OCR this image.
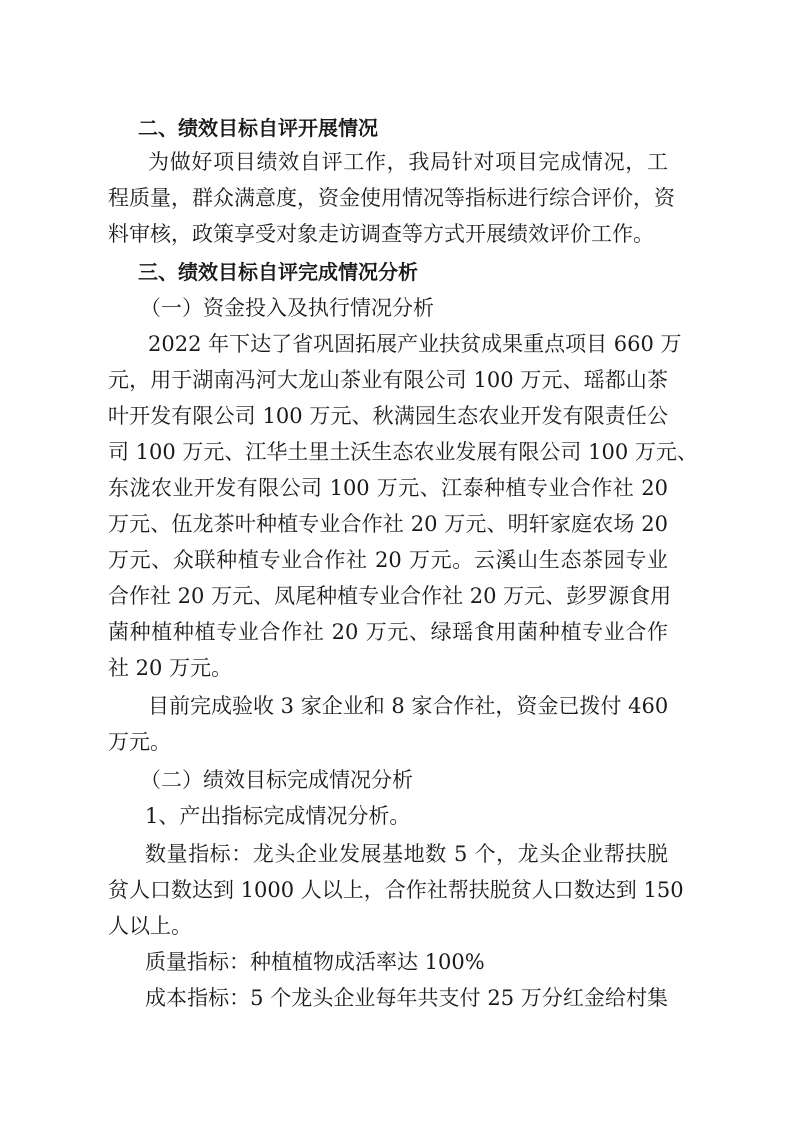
二、绩效目标自评开展情况
为做好项目绩效自评工作，我局针对项目完成情况，工
程质量，群众满意度，资金使用情况等指标进行综合评价，资
料审核，政策享受对象走访调查等方式开展绩效评价工作。
三、绩效目标自评完成情况分析
（一）资金投入及执行情况分析
2022 年下达了省巩固拓展产业扶贫成果重点项目 660 万
元，用于湖南冯河大龙山茶业有限公司 100 万元、瑶都山茶
叶开发有限公司 100 万元、秋满园生态农业开发有限责任公
司 100 万元、江华土里土沃生态农业发展有限公司 100 万元、
东泷农业开发有限公司 100 万元、江泰种植专业合作社 20
万元、伍龙茶叶种植专业合作社 20 万元、明轩家庭农场 20
万元、众联种植专业合作社 20 万元。云溪山生态茶园专业
合作社 20 万元、凤尾种植专业合作社 20 万元、彭罗源食用
菌种植种植专业合作社 20 万元、绿瑶食用菌种植专业合作
社 20 万元。
目前完成验收 3 家企业和 8 家合作社，资金已拨付 460
万元。
（二）绩效目标完成情况分析
1、产出指标完成情况分析。
数量指标：龙头企业发展基地数 5 个，龙头企业帮扶脱
贫人口数达到 1000 人以上，合作社帮扶脱贫人口数达到 150
人以上。
质量指标：种植植物成活率达 100%
成本指标：5 个龙头企业每年共支付 25 万分红金给村集
